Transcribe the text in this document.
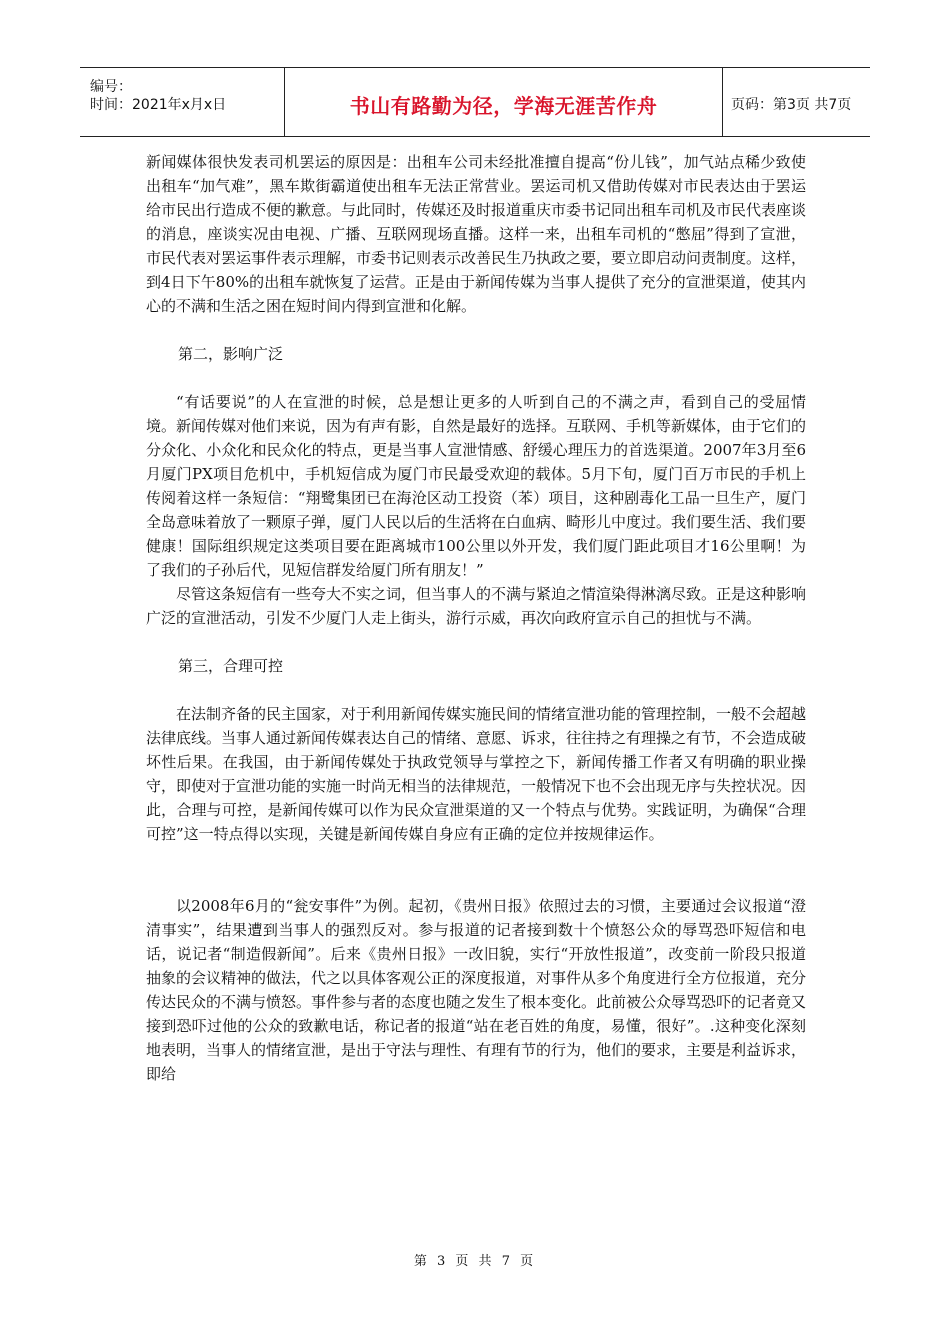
编号：
时间：2021年x月x日	书山有路勤为径，学海无涯苦作舟	页码：第3页 共7页

新闻媒体很快发表司机罢运的原因是：出租车公司未经批准擅自提高“份儿钱”，加气站点稀少致使出租车“加气难”，黑车欺街霸道使出租车无法正常营业。罢运司机又借助传媒对市民表达由于罢运给市民出行造成不便的歉意。与此同时，传媒还及时报道重庆市委书记同出租车司机及市民代表座谈的消息，座谈实况由电视、广播、互联网现场直播。这样一来，出租车司机的“憋屈”得到了宣泄，市民代表对罢运事件表示理解，市委书记则表示改善民生乃执政之要，要立即启动问责制度。这样，到4日下午80%的出租车就恢复了运营。正是由于新闻传媒为当事人提供了充分的宣泄渠道，使其内心的不满和生活之困在短时间内得到宣泄和化解。

第二，影响广泛

“有话要说”的人在宣泄的时候，总是想让更多的人听到自己的不满之声，看到自己的受屈情境。新闻传媒对他们来说，因为有声有影，自然是最好的选择。互联网、手机等新媒体，由于它们的分众化、小众化和民众化的特点，更是当事人宣泄情感、舒缓心理压力的首选渠道。2007年3月至6月厦门PX项目危机中，手机短信成为厦门市民最受欢迎的载体。5月下旬，厦门百万市民的手机上传阅着这样一条短信：“翔鹭集团已在海沧区动工投资（苯）项目，这种剧毒化工品一旦生产，厦门全岛意味着放了一颗原子弹，厦门人民以后的生活将在白血病、畸形儿中度过。我们要生活、我们要健康！国际组织规定这类项目要在距离城市100公里以外开发，我们厦门距此项目才16公里啊！为了我们的子孙后代，见短信群发给厦门所有朋友！”

尽管这条短信有一些夸大不实之词，但当事人的不满与紧迫之情渲染得淋漓尽致。正是这种影响广泛的宣泄活动，引发不少厦门人走上街头，游行示威，再次向政府宣示自己的担忧与不满。

第三，合理可控

在法制齐备的民主国家，对于利用新闻传媒实施民间的情绪宣泄功能的管理控制，一般不会超越法律底线。当事人通过新闻传媒表达自己的情绪、意愿、诉求，往往持之有理操之有节，不会造成破坏性后果。在我国，由于新闻传媒处于执政党领导与掌控之下，新闻传播工作者又有明确的职业操守，即使对于宣泄功能的实施一时尚无相当的法律规范，一般情况下也不会出现无序与失控状况。因此，合理与可控，是新闻传媒可以作为民众宣泄渠道的又一个特点与优势。实践证明，为确保“合理可控”这一特点得以实现，关键是新闻传媒自身应有正确的定位并按规律运作。

以2008年6月的“瓮安事件”为例。起初，《贵州日报》依照过去的习惯，主要通过会议报道“澄清事实”，结果遭到当事人的强烈反对。参与报道的记者接到数十个愤怒公众的辱骂恐吓短信和电话，说记者“制造假新闻”。后来《贵州日报》一改旧貌，实行“开放性报道”，改变前一阶段只报道抽象的会议精神的做法，代之以具体客观公正的深度报道，对事件从多个角度进行全方位报道，充分传达民众的不满与愤怒。事件参与者的态度也随之发生了根本变化。此前被公众辱骂恐吓的记者竟又接到恐吓过他的公众的致歉电话，称记者的报道“站在老百姓的角度，易懂，很好”。.这种变化深刻地表明，当事人的情绪宣泄，是出于守法与理性、有理有节的行为，他们的要求，主要是利益诉求，即给

第 3 页 共 7 页
